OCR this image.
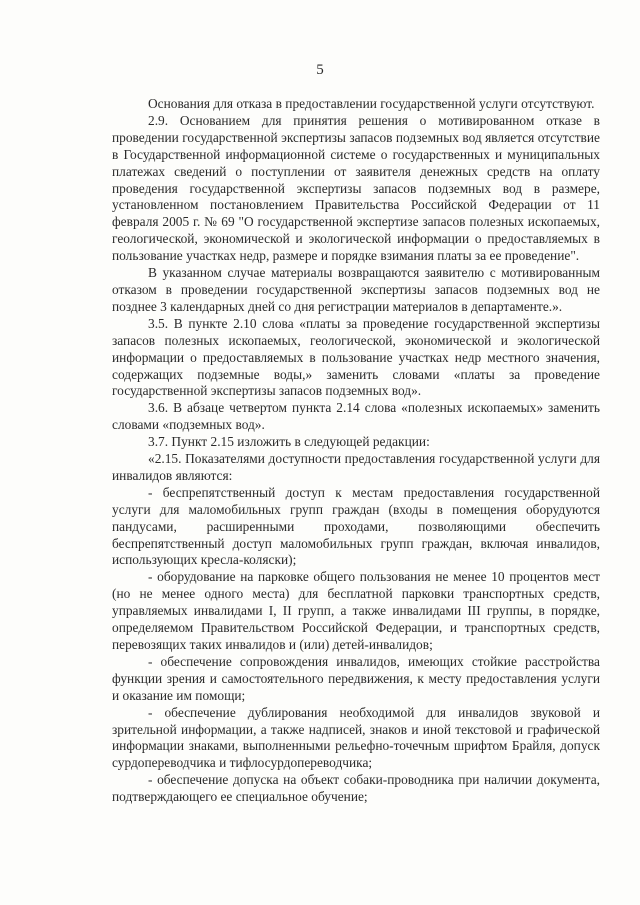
5

Основания для отказа в предоставлении государственной услуги отсутствуют.

2.9. Основанием для принятия решения о мотивированном отказе в проведении государственной экспертизы запасов подземных вод является отсутствие в Государственной информационной системе о государственных и муниципальных платежах сведений о поступлении от заявителя денежных средств на оплату проведения государственной экспертизы запасов подземных вод в размере, установленном постановлением Правительства Российской Федерации от 11 февраля 2005 г. № 69 "О государственной экспертизе запасов полезных ископаемых, геологической, экономической и экологической информации о предоставляемых в пользование участках недр, размере и порядке взимания платы за ее проведение".

В указанном случае материалы возвращаются заявителю с мотивированным отказом в проведении государственной экспертизы запасов подземных вод не позднее 3 календарных дней со дня регистрации материалов в департаменте.».

3.5. В пункте 2.10 слова «платы за проведение государственной экспертизы запасов полезных ископаемых, геологической, экономической и экологической информации о предоставляемых в пользование участках недр местного значения, содержащих подземные воды,» заменить словами «платы за проведение государственной экспертизы запасов подземных вод».

3.6. В абзаце четвертом пункта 2.14 слова «полезных ископаемых» заменить словами «подземных вод».

3.7. Пункт 2.15 изложить в следующей редакции:

«2.15. Показателями доступности предоставления государственной услуги для инвалидов являются:

- беспрепятственный доступ к местам предоставления государственной услуги для маломобильных групп граждан (входы в помещения оборудуются пандусами, расширенными проходами, позволяющими обеспечить беспрепятственный доступ маломобильных групп граждан, включая инвалидов, использующих кресла-коляски);

- оборудование на парковке общего пользования не менее 10 процентов мест (но не менее одного места) для бесплатной парковки транспортных средств, управляемых инвалидами I, II групп, а также инвалидами III группы, в порядке, определяемом Правительством Российской Федерации, и транспортных средств, перевозящих таких инвалидов и (или) детей-инвалидов;

- обеспечение сопровождения инвалидов, имеющих стойкие расстройства функции зрения и самостоятельного передвижения, к месту предоставления услуги и оказание им помощи;

- обеспечение дублирования необходимой для инвалидов звуковой и зрительной информации, а также надписей, знаков и иной текстовой и графической информации знаками, выполненными рельефно-точечным шрифтом Брайля, допуск сурдопереводчика и тифлосурдопереводчика;

- обеспечение допуска на объект собаки-проводника при наличии документа, подтверждающего ее специальное обучение;
